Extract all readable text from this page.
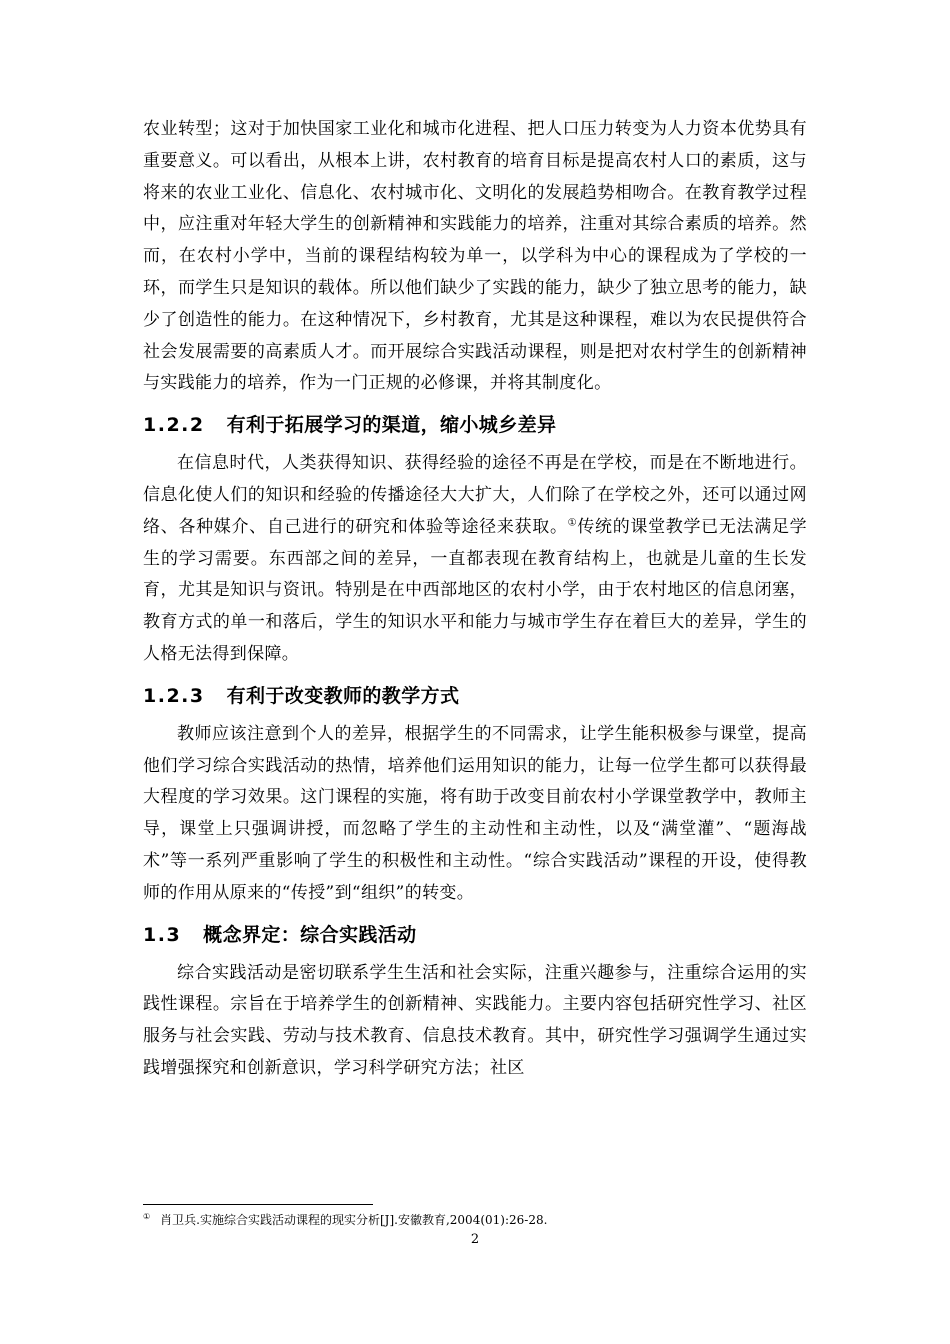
农业转型；这对于加快国家工业化和城市化进程、把人口压力转变为人力资本优势具有重要意义。可以看出，从根本上讲，农村教育的培育目标是提高农村人口的素质，这与将来的农业工业化、信息化、农村城市化、文明化的发展趋势相吻合。在教育教学过程中，应注重对年轻大学生的创新精神和实践能力的培养，注重对其综合素质的培养。然而，在农村小学中，当前的课程结构较为单一，以学科为中心的课程成为了学校的一环，而学生只是知识的载体。所以他们缺少了实践的能力，缺少了独立思考的能力，缺少了创造性的能力。在这种情况下，乡村教育，尤其是这种课程，难以为农民提供符合社会发展需要的高素质人才。而开展综合实践活动课程，则是把对农村学生的创新精神与实践能力的培养，作为一门正规的必修课，并将其制度化。

1.2.2 有利于拓展学习的渠道，缩小城乡差异

在信息时代，人类获得知识、获得经验的途径不再是在学校，而是在不断地进行。信息化使人们的知识和经验的传播途径大大扩大，人们除了在学校之外，还可以通过网络、各种媒介、自己进行的研究和体验等途径来获取。①传统的课堂教学已无法满足学生的学习需要。东西部之间的差异，一直都表现在教育结构上，也就是儿童的生长发育，尤其是知识与资讯。特别是在中西部地区的农村小学，由于农村地区的信息闭塞，教育方式的单一和落后，学生的知识水平和能力与城市学生存在着巨大的差异，学生的人格无法得到保障。

1.2.3 有利于改变教师的教学方式

教师应该注意到个人的差异，根据学生的不同需求，让学生能积极参与课堂，提高他们学习综合实践活动的热情，培养他们运用知识的能力，让每一位学生都可以获得最大程度的学习效果。这门课程的实施，将有助于改变目前农村小学课堂教学中，教师主导，课堂上只强调讲授，而忽略了学生的主动性和主动性，以及“满堂灌”、“题海战术”等一系列严重影响了学生的积极性和主动性。“综合实践活动”课程的开设，使得教师的作用从原来的“传授”到“组织”的转变。

1.3 概念界定：综合实践活动

综合实践活动是密切联系学生生活和社会实际，注重兴趣参与，注重综合运用的实践性课程。宗旨在于培养学生的创新精神、实践能力。主要内容包括研究性学习、社区服务与社会实践、劳动与技术教育、信息技术教育。其中，研究性学习强调学生通过实践增强探究和创新意识，学习科学研究方法；社区

① 肖卫兵.实施综合实践活动课程的现实分析[J].安徽教育,2004(01):26-28.
2
